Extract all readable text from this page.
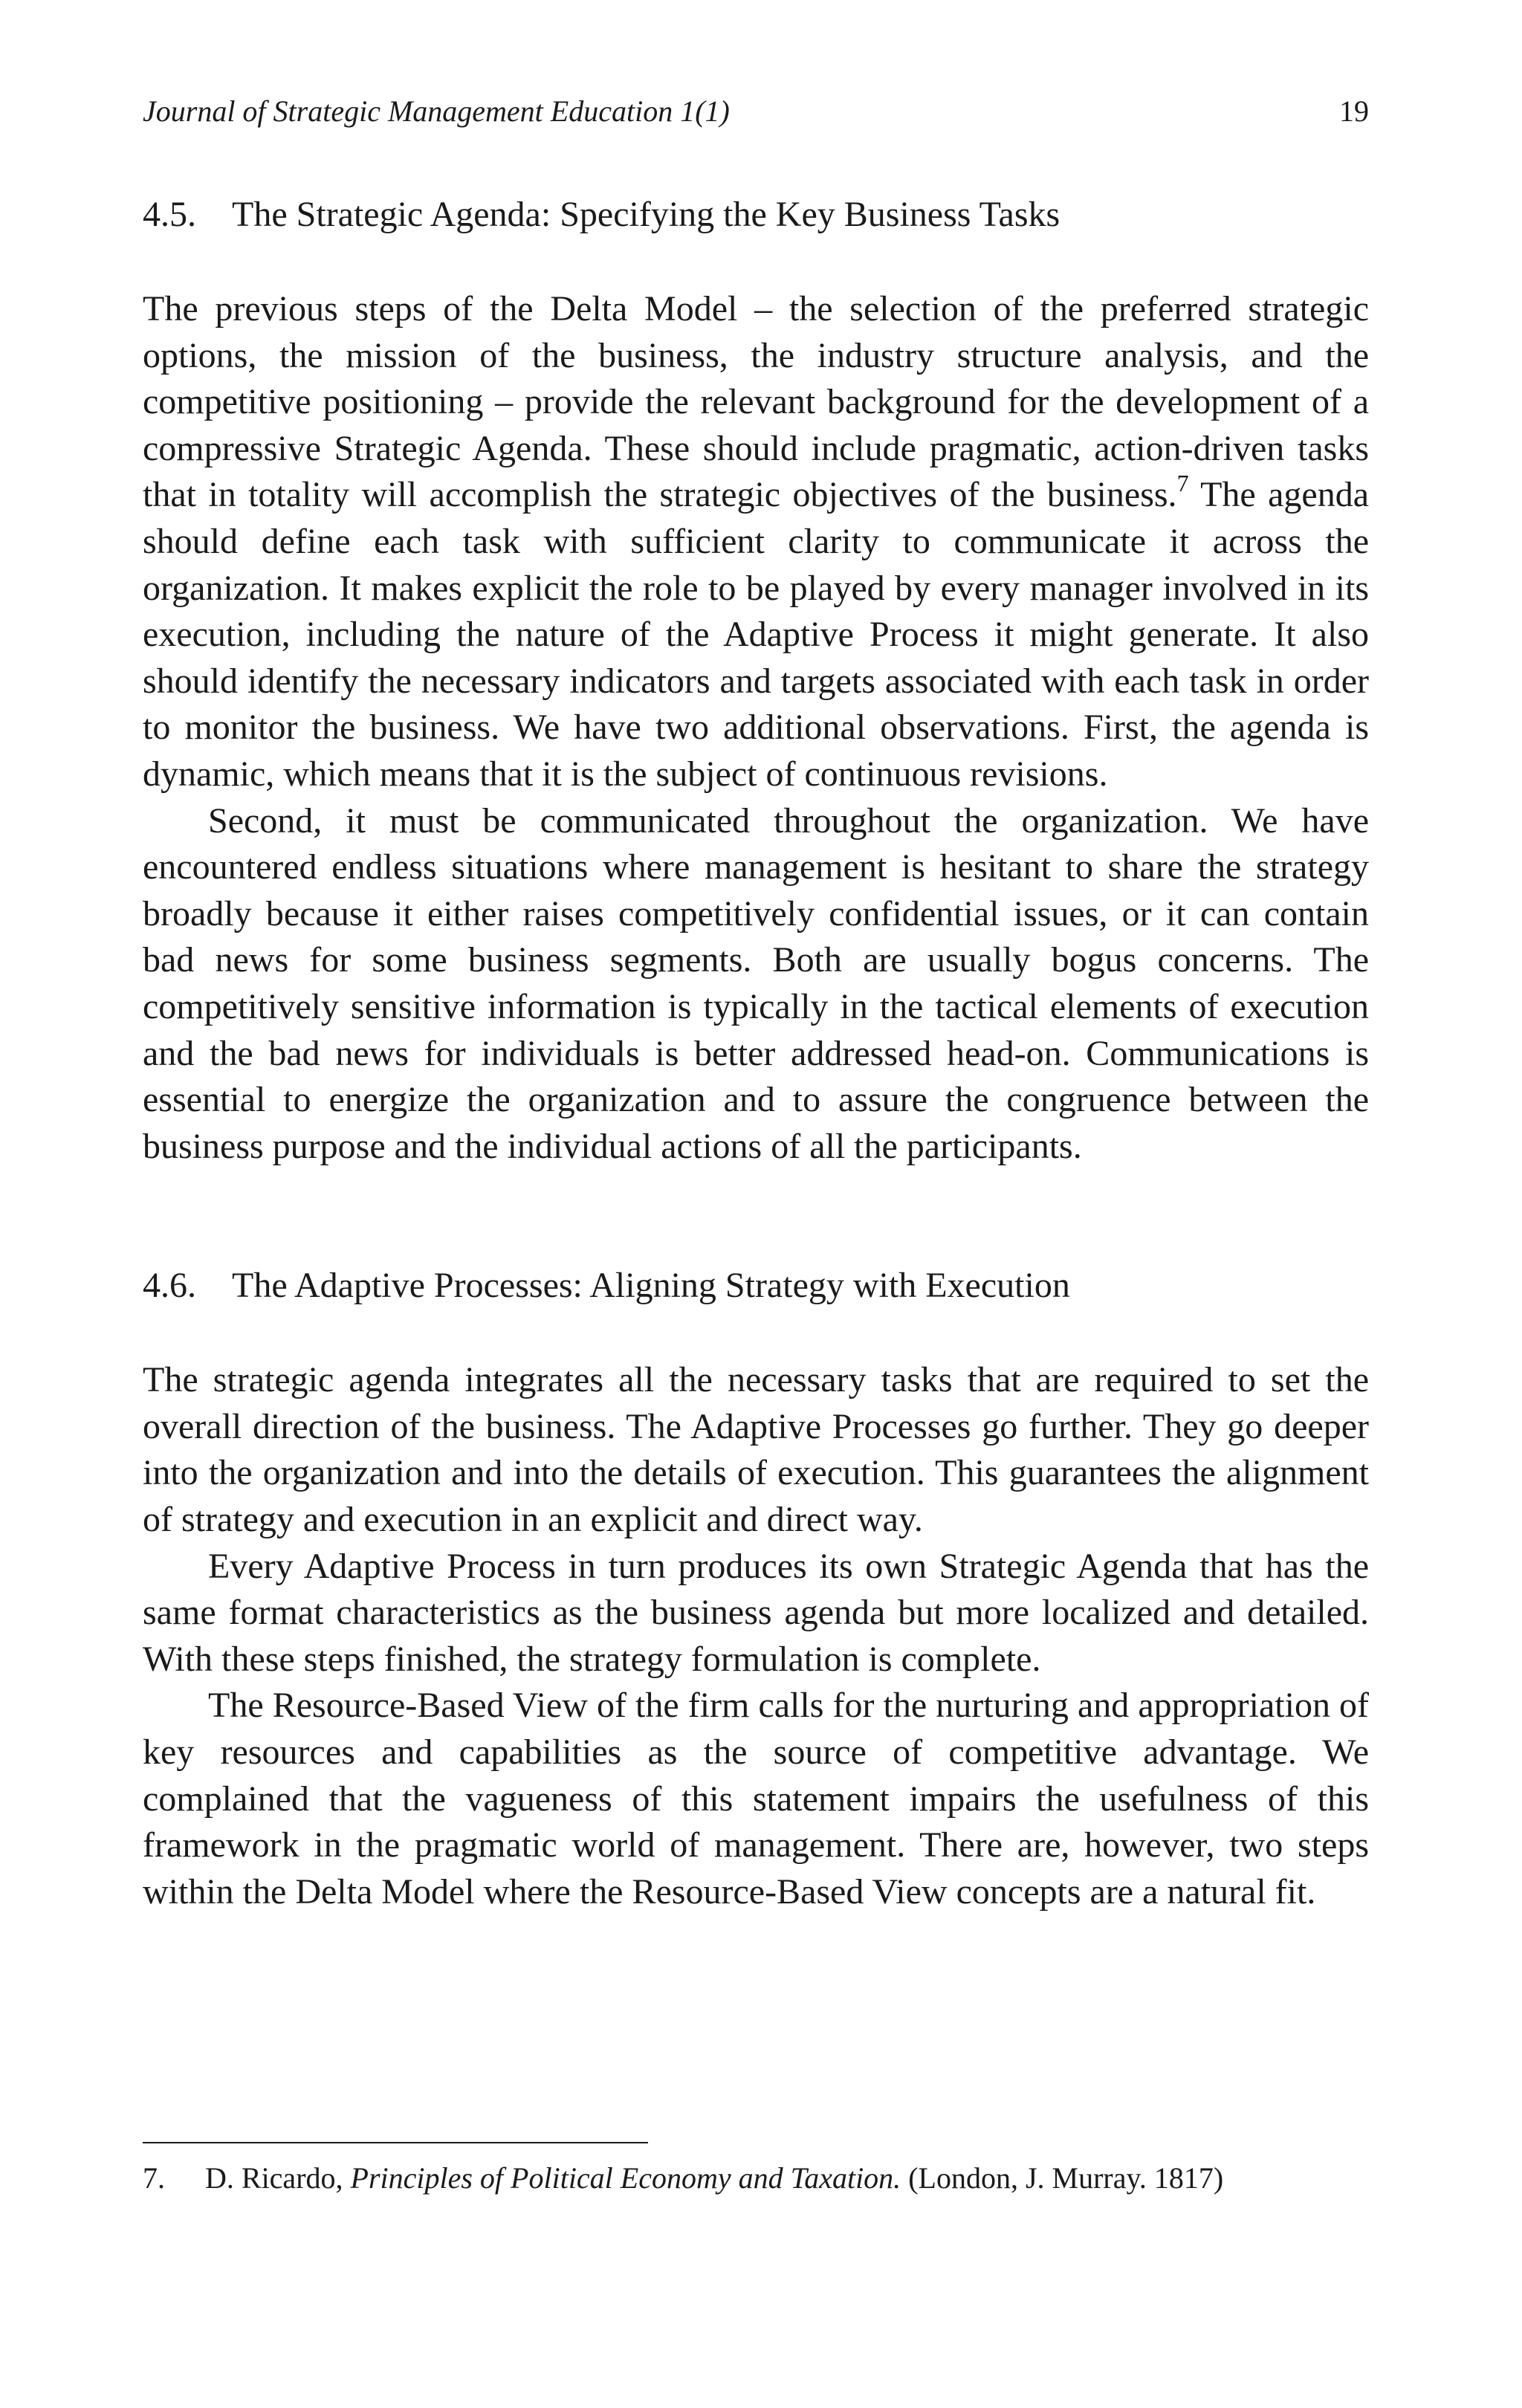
Journal of Strategic Management Education 1(1)	19
4.5. The Strategic Agenda: Specifying the Key Business Tasks

The previous steps of the Delta Model – the selection of the preferred strategic options, the mission of the business, the industry structure analysis, and the competitive positioning – provide the relevant background for the development of a compressive Strategic Agenda. These should include pragmatic, action-driven tasks that in totality will accomplish the strategic objectives of the business.$^7$ The agenda should define each task with sufficient clarity to communicate it across the organization. It makes explicit the role to be played by every manager involved in its execution, including the nature of the Adaptive Process it might generate. It also should identify the necessary indicators and targets associated with each task in order to monitor the business. We have two additional observations. First, the agenda is dynamic, which means that it is the subject of continuous revisions.

Second, it must be communicated throughout the organization. We have encountered endless situations where management is hesitant to share the strategy broadly because it either raises competitively confidential issues, or it can contain bad news for some business segments. Both are usually bogus concerns. The competitively sensitive information is typically in the tactical elements of execution and the bad news for individuals is better addressed head-on. Communications is essential to energize the organization and to assure the congruence between the business purpose and the individual actions of all the participants.

4.6. The Adaptive Processes: Aligning Strategy with Execution

The strategic agenda integrates all the necessary tasks that are required to set the overall direction of the business. The Adaptive Processes go further. They go deeper into the organization and into the details of execution. This guarantees the alignment of strategy and execution in an explicit and direct way.

Every Adaptive Process in turn produces its own Strategic Agenda that has the same format characteristics as the business agenda but more localized and detailed. With these steps finished, the strategy formulation is complete.

The Resource-Based View of the firm calls for the nurturing and appropriation of key resources and capabilities as the source of competitive advantage. We complained that the vagueness of this statement impairs the usefulness of this framework in the pragmatic world of management. There are, however, two steps within the Delta Model where the Resource-Based View concepts are a natural fit.

7. D. Ricardo, Principles of Political Economy and Taxation. (London, J. Murray. 1817)
